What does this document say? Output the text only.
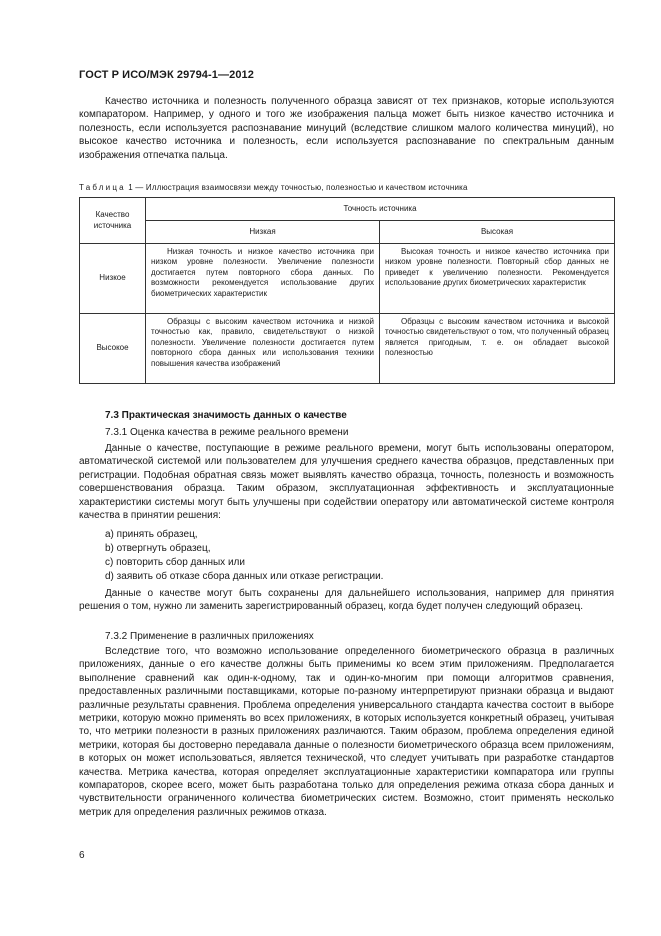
ГОСТ Р ИСО/МЭК 29794-1—2012

Качество источника и полезность полученного образца зависят от тех признаков, которые используются компаратором. Например, у одного и того же изображения пальца может быть низкое качество источника и полезность, если используется распознавание минуций (вследствие слишком малого количества минуций), но высокое качество источника и полезность, если используется распознавание по спектральным данным изображения отпечатка пальца.

Таблица 1 — Иллюстрация взаимосвязи между точностью, полезностью и качеством источника
Качество источника	Точность источника	
	Низкая	Высокая
Низкое	Низкая точность и низкое качество источника при низком уровне полезности. Увеличение полезности достигается путем повторного сбора данных. По возможности рекомендуется использование других биометрических характеристик	Высокая точность и низкое качество источника при низком уровне полезности. Повторный сбор данных не приведет к увеличению полезности. Рекомендуется использование других биометрических характеристик

Высокое	Образцы с высоким качеством источника и низкой точностью как, правило, свидетельствуют о низкой полезности. Увеличение полезности достигается путем повторного сбора данных или использования техники повышения качества изображений	Образцы с высоким качеством источника и высокой точностью свидетельствуют о том, что полученный образец является пригодным, т. е. он обладает высокой полезностью

7.3 Практическая значимость данных о качестве
7.3.1 Оценка качества в режиме реального времени

Данные о качестве, поступающие в режиме реального времени, могут быть использованы оператором, автоматической системой или пользователем для улучшения среднего качества образцов, представленных при регистрации. Подобная обратная связь может выявлять качество образца, точность, полезность и возможность совершенствования образца. Таким образом, эксплуатационная эффективность и эксплуатационные характеристики системы могут быть улучшены при содействии оператору или автоматической системе контроля качества в принятии решения:

a) принять образец,
b) отвергнуть образец,
c) повторить сбор данных или
d) заявить об отказе сбора данных или отказе регистрации.

Данные о качестве могут быть сохранены для дальнейшего использования, например для принятия решения о том, нужно ли заменить зарегистрированный образец, когда будет получен следующий образец.

7.3.2 Применение в различных приложениях

Вследствие того, что возможно использование определенного биометрического образца в различных приложениях, данные о его качестве должны быть применимы ко всем этим приложениям. Предполагается выполнение сравнений как один-к-одному, так и один-ко-многим при помощи алгоритмов сравнения, предоставленных различными поставщиками, которые по-разному интерпретируют признаки образца и выдают различные результаты сравнения. Проблема определения универсального стандарта качества состоит в выборе метрики, которую можно применять во всех приложениях, в которых используется конкретный образец, учитывая то, что метрики полезности в разных приложениях различаются. Таким образом, проблема определения единой метрики, которая бы достоверно передавала данные о полезности биометрического образца всем приложениям, в которых он может использоваться, является технической, что следует учитывать при разработке стандартов качества. Метрика качества, которая определяет эксплуатационные характеристики компаратора или группы компараторов, скорее всего, может быть разработана только для определения режима отказа сбора данных и чувствительности ограниченного количества биометрических систем. Возможно, стоит применять несколько метрик для определения различных режимов отказа.

6
